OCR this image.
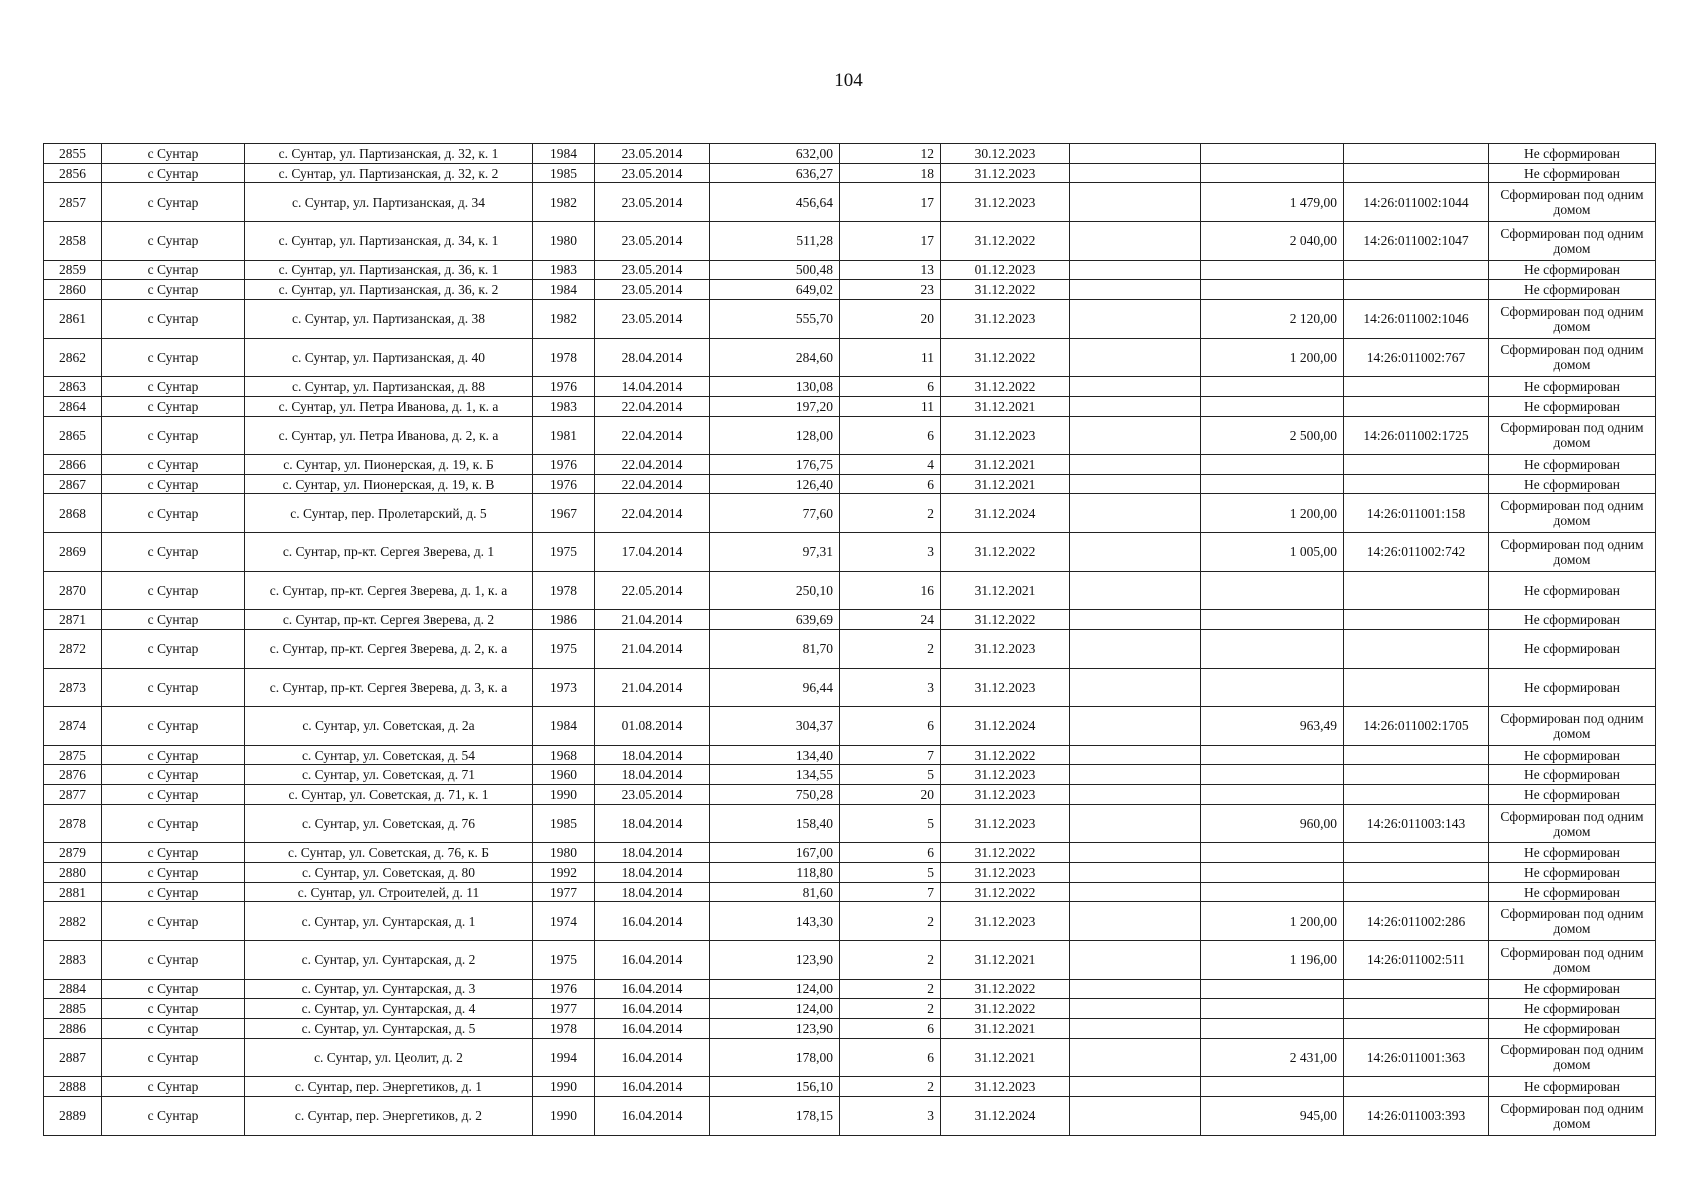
104
2855	с Сунтар	с. Сунтар, ул. Партизанская, д. 32, к. 1	1984	23.05.2014	632,00	12	30.12.2023				Не сформирован
2856	с Сунтар	с. Сунтар, ул. Партизанская, д. 32, к. 2	1985	23.05.2014	636,27	18	31.12.2023				Не сформирован
2857	с Сунтар	с. Сунтар, ул. Партизанская, д. 34	1982	23.05.2014	456,64	17	31.12.2023		1 479,00	14:26:011002:1044	Сформирован под одним домом
2858	с Сунтар	с. Сунтар, ул. Партизанская, д. 34, к. 1	1980	23.05.2014	511,28	17	31.12.2022		2 040,00	14:26:011002:1047	Сформирован под одним домом
2859	с Сунтар	с. Сунтар, ул. Партизанская, д. 36, к. 1	1983	23.05.2014	500,48	13	01.12.2023				Не сформирован
2860	с Сунтар	с. Сунтар, ул. Партизанская, д. 36, к. 2	1984	23.05.2014	649,02	23	31.12.2022				Не сформирован
2861	с Сунтар	с. Сунтар, ул. Партизанская, д. 38	1982	23.05.2014	555,70	20	31.12.2023		2 120,00	14:26:011002:1046	Сформирован под одним домом
2862	с Сунтар	с. Сунтар, ул. Партизанская, д. 40	1978	28.04.2014	284,60	11	31.12.2022		1 200,00	14:26:011002:767	Сформирован под одним домом
2863	с Сунтар	с. Сунтар, ул. Партизанская, д. 88	1976	14.04.2014	130,08	6	31.12.2022				Не сформирован
2864	с Сунтар	с. Сунтар, ул. Петра Иванова, д. 1, к. а	1983	22.04.2014	197,20	11	31.12.2021				Не сформирован
2865	с Сунтар	с. Сунтар, ул. Петра Иванова, д. 2, к. а	1981	22.04.2014	128,00	6	31.12.2023		2 500,00	14:26:011002:1725	Сформирован под одним домом
2866	с Сунтар	с. Сунтар, ул. Пионерская, д. 19, к. Б	1976	22.04.2014	176,75	4	31.12.2021				Не сформирован
2867	с Сунтар	с. Сунтар, ул. Пионерская, д. 19, к. В	1976	22.04.2014	126,40	6	31.12.2021				Не сформирован
2868	с Сунтар	с. Сунтар, пер. Пролетарский, д. 5	1967	22.04.2014	77,60	2	31.12.2024		1 200,00	14:26:011001:158	Сформирован под одним домом
2869	с Сунтар	с. Сунтар, пр-кт. Сергея Зверева, д. 1	1975	17.04.2014	97,31	3	31.12.2022		1 005,00	14:26:011002:742	Сформирован под одним домом
2870	с Сунтар	с. Сунтар, пр-кт. Сергея Зверева, д. 1, к. а	1978	22.05.2014	250,10	16	31.12.2021				Не сформирован
2871	с Сунтар	с. Сунтар, пр-кт. Сергея Зверева, д. 2	1986	21.04.2014	639,69	24	31.12.2022				Не сформирован
2872	с Сунтар	с. Сунтар, пр-кт. Сергея Зверева, д. 2, к. а	1975	21.04.2014	81,70	2	31.12.2023				Не сформирован
2873	с Сунтар	с. Сунтар, пр-кт. Сергея Зверева, д. 3, к. а	1973	21.04.2014	96,44	3	31.12.2023				Не сформирован
2874	с Сунтар	с. Сунтар, ул. Советская, д. 2а	1984	01.08.2014	304,37	6	31.12.2024		963,49	14:26:011002:1705	Сформирован под одним домом
2875	с Сунтар	с. Сунтар, ул. Советская, д. 54	1968	18.04.2014	134,40	7	31.12.2022				Не сформирован
2876	с Сунтар	с. Сунтар, ул. Советская, д. 71	1960	18.04.2014	134,55	5	31.12.2023				Не сформирован
2877	с Сунтар	с. Сунтар, ул. Советская, д. 71, к. 1	1990	23.05.2014	750,28	20	31.12.2023				Не сформирован
2878	с Сунтар	с. Сунтар, ул. Советская, д. 76	1985	18.04.2014	158,40	5	31.12.2023		960,00	14:26:011003:143	Сформирован под одним домом
2879	с Сунтар	с. Сунтар, ул. Советская, д. 76, к. Б	1980	18.04.2014	167,00	6	31.12.2022				Не сформирован
2880	с Сунтар	с. Сунтар, ул. Советская, д. 80	1992	18.04.2014	118,80	5	31.12.2023				Не сформирован
2881	с Сунтар	с. Сунтар, ул. Строителей, д. 11	1977	18.04.2014	81,60	7	31.12.2022				Не сформирован
2882	с Сунтар	с. Сунтар, ул. Сунтарская, д. 1	1974	16.04.2014	143,30	2	31.12.2023		1 200,00	14:26:011002:286	Сформирован под одним домом
2883	с Сунтар	с. Сунтар, ул. Сунтарская, д. 2	1975	16.04.2014	123,90	2	31.12.2021		1 196,00	14:26:011002:511	Сформирован под одним домом
2884	с Сунтар	с. Сунтар, ул. Сунтарская, д. 3	1976	16.04.2014	124,00	2	31.12.2022				Не сформирован
2885	с Сунтар	с. Сунтар, ул. Сунтарская, д. 4	1977	16.04.2014	124,00	2	31.12.2022				Не сформирован
2886	с Сунтар	с. Сунтар, ул. Сунтарская, д. 5	1978	16.04.2014	123,90	6	31.12.2021				Не сформирован
2887	с Сунтар	с. Сунтар, ул. Цеолит, д. 2	1994	16.04.2014	178,00	6	31.12.2021		2 431,00	14:26:011001:363	Сформирован под одним домом
2888	с Сунтар	с. Сунтар, пер. Энергетиков, д. 1	1990	16.04.2014	156,10	2	31.12.2023				Не сформирован
2889	с Сунтар	с. Сунтар, пер. Энергетиков, д. 2	1990	16.04.2014	178,15	3	31.12.2024		945,00	14:26:011003:393	Сформирован под одним домом
